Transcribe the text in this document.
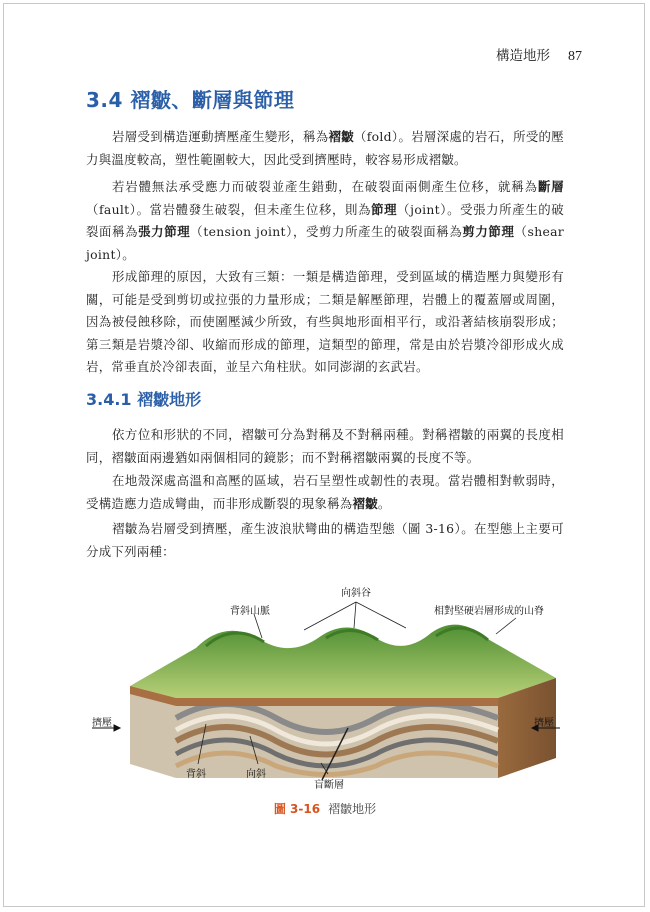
構造地形 87
3.4 褶皺、斷層與節理

岩層受到構造運動擠壓產生變形，稱為褶皺（fold）。岩層深處的岩石，所受的壓力與溫度較高，塑性範圍較大，因此受到擠壓時，較容易形成褶皺。

若岩體無法承受應力而破裂並產生錯動，在破裂面兩側產生位移，就稱為斷層（fault）。當岩體發生破裂，但未產生位移，則為節理（joint）。受張力所產生的破裂面稱為張力節理（tension joint），受剪力所產生的破裂面稱為剪力節理（shear joint）。

形成節理的原因，大致有三類：一類是構造節理，受到區域的構造壓力與變形有關，可能是受到剪切或拉張的力量形成；二類是解壓節理，岩體上的覆蓋層或周圍，因為被侵蝕移除，而使圍壓減少所致，有些與地形面相平行，或沿著結核崩裂形成；第三類是岩漿冷卻、收縮而形成的節理，這類型的節理，常是由於岩漿冷卻形成火成岩，常垂直於冷卻表面，並呈六角柱狀。如同澎湖的玄武岩。

3.4.1 褶皺地形

依方位和形狀的不同，褶皺可分為對稱及不對稱兩種。對稱褶皺的兩翼的長度相同，褶皺面兩邊猶如兩個相同的鏡影；而不對稱褶皺兩翼的長度不等。

在地殼深處高溫和高壓的區域，岩石呈塑性或韌性的表現。當岩體相對軟弱時，受構造應力造成彎曲，而非形成斷裂的現象稱為褶皺。

褶皺為岩層受到擠壓，產生波浪狀彎曲的構造型態（圖 3-16）。在型態上主要可分成下列兩種：

向斜谷
背斜山脈	相對堅硬岩層形成的山脊
擠壓	擠壓
背斜	向斜
盲斷層
圖 3-16 褶皺地形
